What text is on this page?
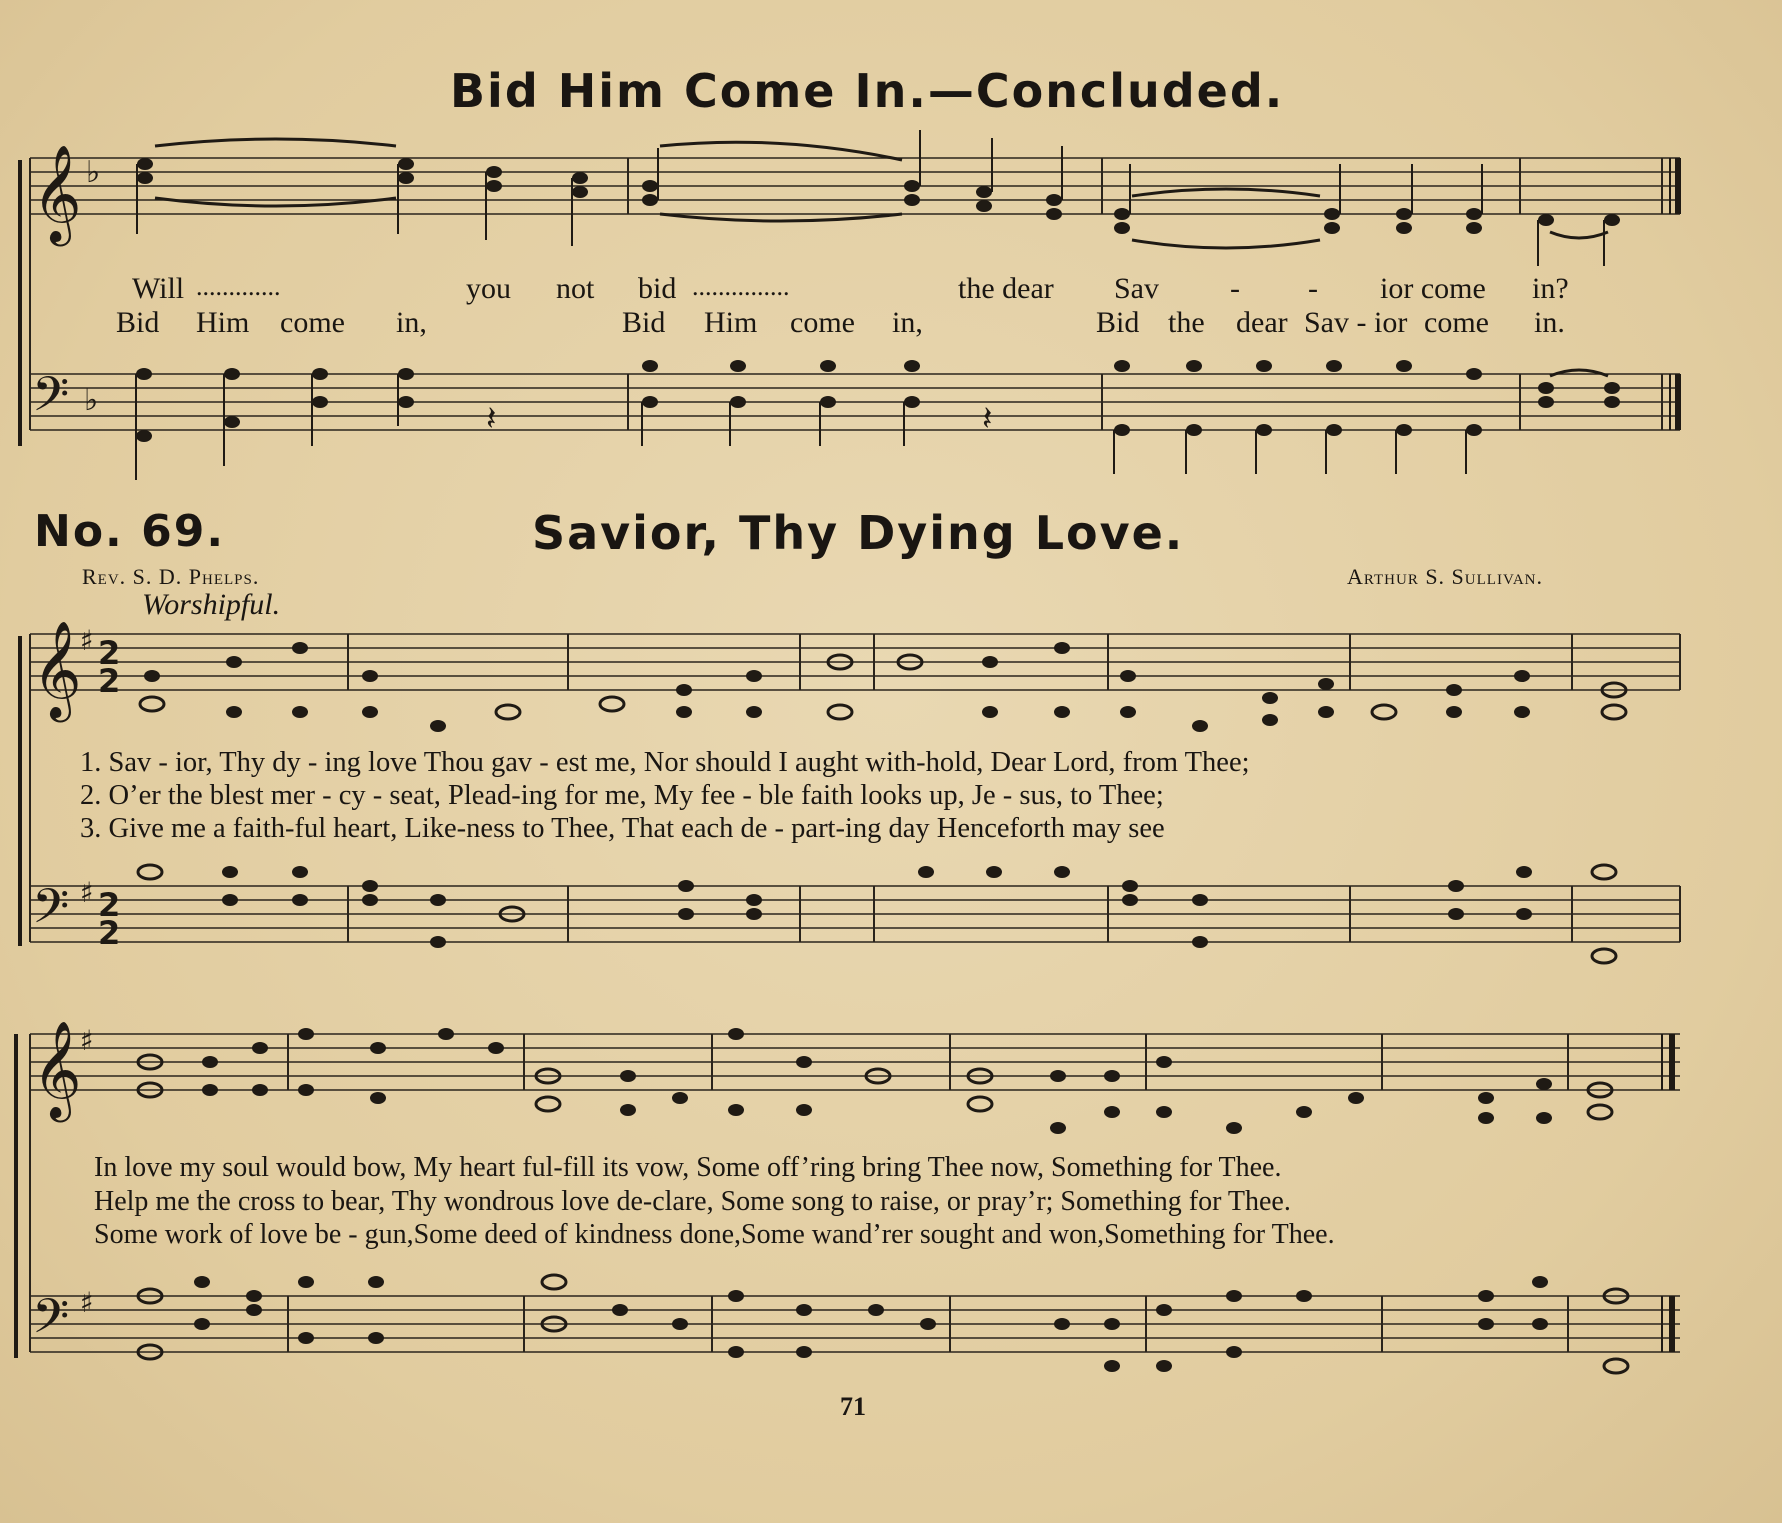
𝄞
𝄢
𝄞
𝄢
𝄞
𝄢
♭
♭
♯
♯
♯
♯
2
2
2
2
𝄽	𝄽
Bid Him Come In.—Concluded.
No. 69.	Savior, Thy Dying Love.
Rev. S. D. Phelps.	Arthur S. Sullivan.
Worshipful.
Will .............	you not bid ...............	the dear Sav - - ior come in?
Bid Him come in,	Bid Him come in,	Bid the dear Sav - ior come in.
1. Sav - ior, Thy dy - ing love Thou gav - est me, Nor should I aught with-hold, Dear Lord, from Thee;
2. O’er the blest mer - cy - seat, Plead-ing for me, My fee - ble faith looks up, Je - sus, to Thee;
3. Give me a faith-ful heart, Like-ness to Thee, That each de - part-ing day Henceforth may see
In love my soul would bow, My heart ful-fill its vow, Some off’ring bring Thee now, Something for Thee.
Help me the cross to bear, Thy wondrous love de-clare, Some song to raise, or pray’r; Something for Thee.
Some work of love be - gun,Some deed of kindness done,Some wand’rer sought and won,Something for Thee.
71
